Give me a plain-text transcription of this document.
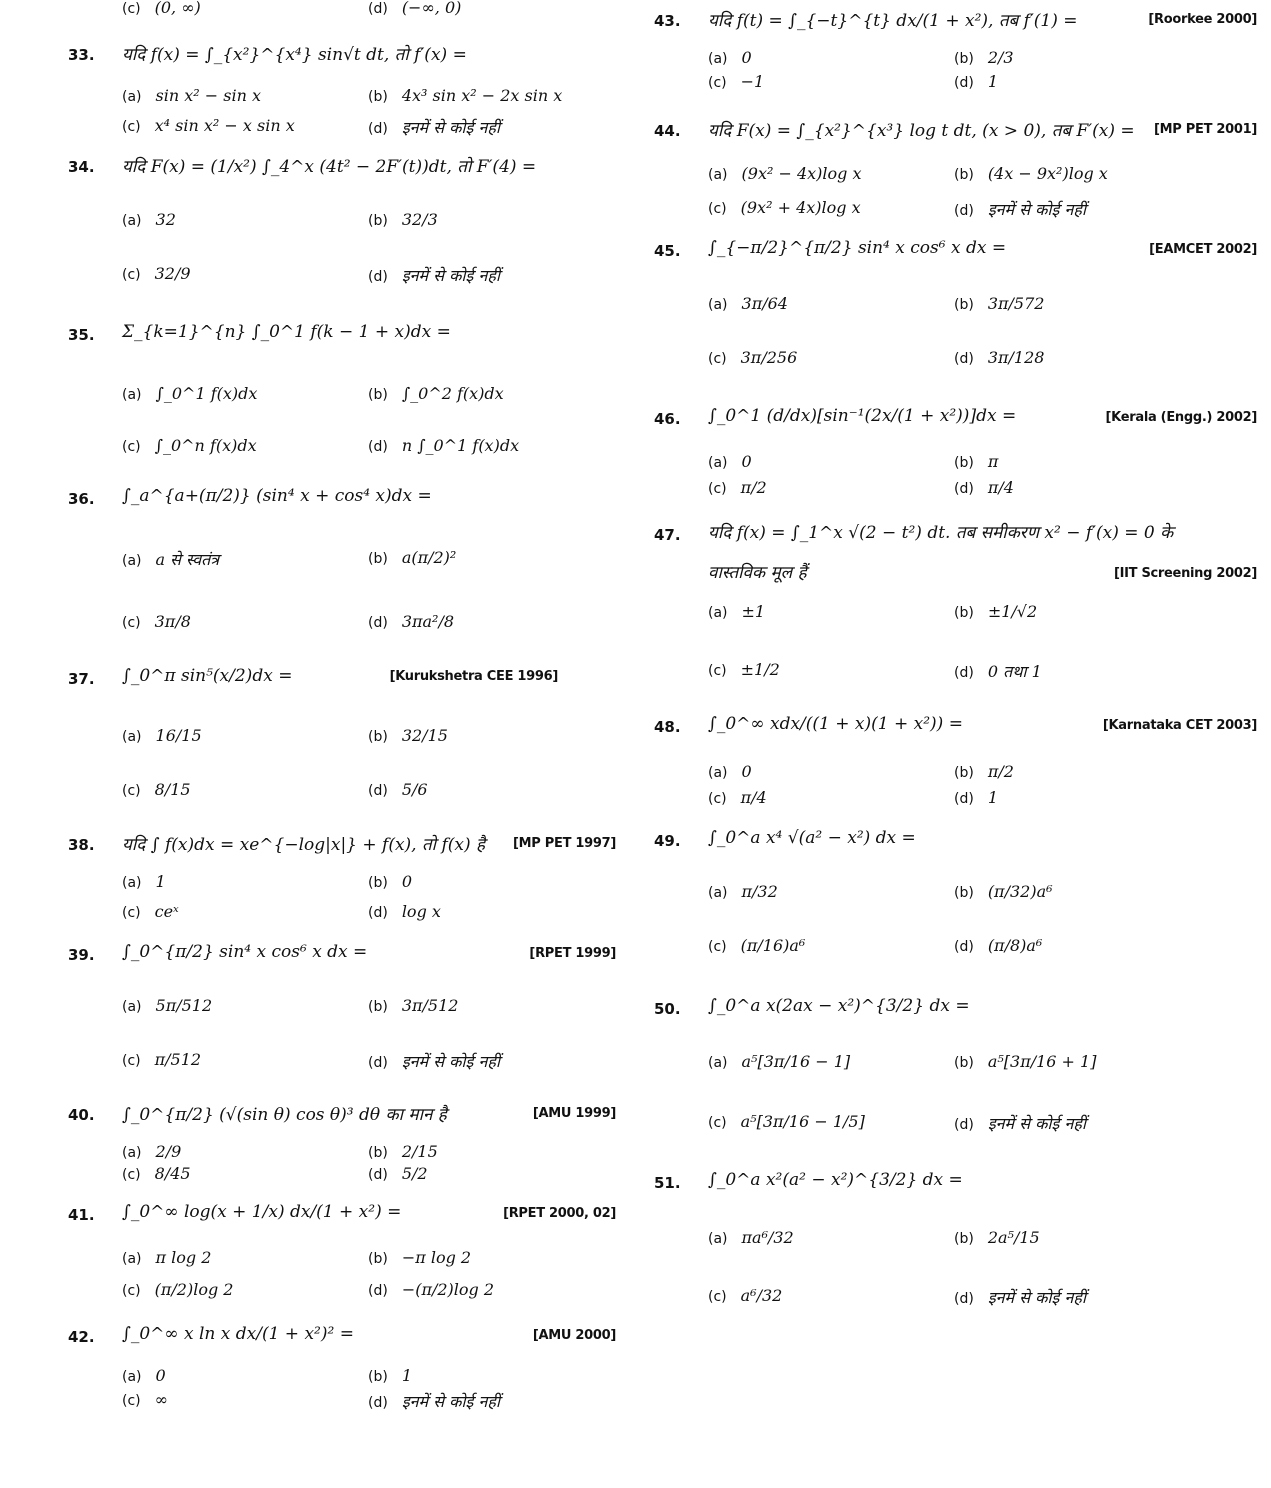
(c) (0, ∞)	(d) (−∞, 0)
33. यदि f(x) = ∫_{x²}^{x⁴} sin√t dt, तो f′(x) =
(a) sin x² − sin x	(b) 4x³ sin x² − 2x sin x
(c) x⁴ sin x² − x sin x	(d) इनमें से कोई नहीं
34. यदि F(x) = (1/x²) ∫_4^x (4t² − 2F′(t))dt, तो F′(4) =
(a) 32	(b) 32/3
(c) 32/9	(d) इनमें से कोई नहीं
35. Σ_{k=1}^{n} ∫_0^1 f(k − 1 + x)dx =
(a) ∫_0^1 f(x)dx	(b) ∫_0^2 f(x)dx
(c) ∫_0^n f(x)dx	(d) n ∫_0^1 f(x)dx
36. ∫_a^{a+(π/2)} (sin⁴ x + cos⁴ x)dx =
(a) a से स्वतंत्र	(b) a(π/2)²
(c) 3π/8	(d) 3πa²/8
37. ∫_0^π sin⁵(x/2)dx =	[Kurukshetra CEE 1996]
(a) 16/15	(b) 32/15
(c) 8/15	(d) 5/6
38. यदि ∫ f(x)dx = xe^{−log|x|} + f(x), तो f(x) है [MP PET 1997]
(a) 1	(b) 0
(c) ceˣ	(d) log x
39. ∫_0^{π/2} sin⁴ x cos⁶ x dx =	[RPET 1999]
(a) 5π/512	(b) 3π/512
(c) π/512	(d) इनमें से कोई नहीं
40. ∫_0^{π/2} (√(sin θ) cos θ)³ dθ का मान है	[AMU 1999]
(a) 2/9	(b) 2/15
(c) 8/45	(d) 5/2
41. ∫_0^∞ log(x + 1/x) dx/(1 + x²) =	[RPET 2000, 02]
(a) π log 2	(b) −π log 2
(c) (π/2)log 2	(d) −(π/2)log 2
42. ∫_0^∞ x ln x dx/(1 + x²)² =	[AMU 2000]
(a) 0	(b) 1
(c) ∞	(d) इनमें से कोई नहीं
43. यदि f(t) = ∫_{−t}^{t} dx/(1 + x²), तब f′(1) =	[Roorkee 2000]
(a) 0	(b) 2/3
(c) −1	(d) 1
44. यदि F(x) = ∫_{x²}^{x³} log t dt, (x > 0), तब F′(x) = [MP PET 2001]
(a) (9x² − 4x)log x	(b) (4x − 9x²)log x
(c) (9x² + 4x)log x	(d) इनमें से कोई नहीं
45. ∫_{−π/2}^{π/2} sin⁴ x cos⁶ x dx =	[EAMCET 2002]
(a) 3π/64	(b) 3π/572
(c) 3π/256	(d) 3π/128
46. ∫_0^1 (d/dx)[sin⁻¹(2x/(1 + x²))]dx =	[Kerala (Engg.) 2002]
(a) 0	(b) π
(c) π/2	(d) π/4
47. यदि f(x) = ∫_1^x √(2 − t²) dt. तब समीकरण x² − f′(x) = 0 के
वास्तविक मूल हैं	[IIT Screening 2002]
(a) ±1	(b) ±1/√2
(c) ±1/2	(d) 0 तथा 1
48. ∫_0^∞ xdx/((1 + x)(1 + x²)) =	[Karnataka CET 2003]
(a) 0	(b) π/2
(c) π/4	(d) 1
49. ∫_0^a x⁴ √(a² − x²) dx =
(a) π/32	(b) (π/32)a⁶
(c) (π/16)a⁶	(d) (π/8)a⁶
50. ∫_0^a x(2ax − x²)^{3/2} dx =
(a) a⁵[3π/16 − 1]	(b) a⁵[3π/16 + 1]
(c) a⁵[3π/16 − 1/5]	(d) इनमें से कोई नहीं
51. ∫_0^a x²(a² − x²)^{3/2} dx =
(a) πa⁶/32	(b) 2a⁵/15
(c) a⁶/32	(d) इनमें से कोई नहीं
